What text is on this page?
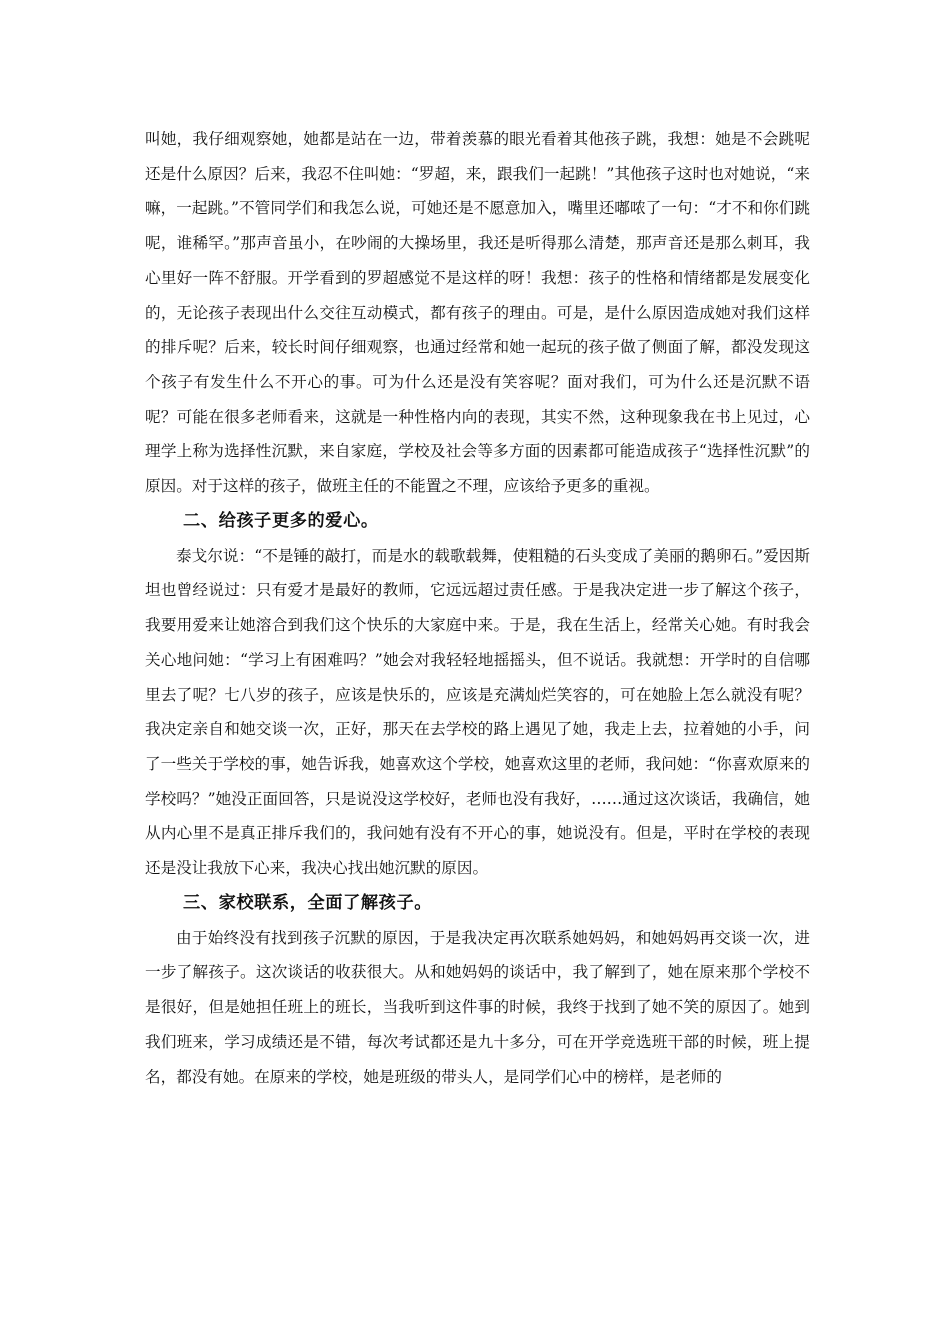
叫她，我仔细观察她，她都是站在一边，带着羡慕的眼光看着其他孩子跳，我想：她是不会跳呢还是什么原因？后来，我忍不住叫她：“罗超，来，跟我们一起跳！”其他孩子这时也对她说，“来嘛，一起跳。”不管同学们和我怎么说，可她还是不愿意加入，嘴里还嘟哝了一句：“才不和你们跳呢，谁稀罕。”那声音虽小，在吵闹的大操场里，我还是听得那么清楚，那声音还是那么刺耳，我心里好一阵不舒服。开学看到的罗超感觉不是这样的呀！我想：孩子的性格和情绪都是发展变化的，无论孩子表现出什么交往互动模式，都有孩子的理由。可是，是什么原因造成她对我们这样的排斥呢？后来，较长时间仔细观察，也通过经常和她一起玩的孩子做了侧面了解，都没发现这个孩子有发生什么不开心的事。可为什么还是没有笑容呢？面对我们，可为什么还是沉默不语呢？可能在很多老师看来，这就是一种性格内向的表现，其实不然，这种现象我在书上见过，心理学上称为选择性沉默，来自家庭，学校及社会等多方面的因素都可能造成孩子“选择性沉默”的原因。对于这样的孩子，做班主任的不能置之不理，应该给予更多的重视。

二、给孩子更多的爱心。

泰戈尔说：“不是锤的敲打，而是水的载歌载舞，使粗糙的石头变成了美丽的鹅卵石。”爱因斯坦也曾经说过：只有爱才是最好的教师，它远远超过责任感。于是我决定进一步了解这个孩子，我要用爱来让她溶合到我们这个快乐的大家庭中来。于是，我在生活上，经常关心她。有时我会关心地问她：“学习上有困难吗？”她会对我轻轻地摇摇头，但不说话。我就想：开学时的自信哪里去了呢？七八岁的孩子，应该是快乐的，应该是充满灿烂笑容的，可在她脸上怎么就没有呢？我决定亲自和她交谈一次，正好，那天在去学校的路上遇见了她，我走上去，拉着她的小手，问了一些关于学校的事，她告诉我，她喜欢这个学校，她喜欢这里的老师，我问她：“你喜欢原来的学校吗？”她没正面回答，只是说没这学校好，老师也没有我好，……通过这次谈话，我确信，她从内心里不是真正排斥我们的，我问她有没有不开心的事，她说没有。但是，平时在学校的表现还是没让我放下心来，我决心找出她沉默的原因。

三、家校联系，全面了解孩子。

由于始终没有找到孩子沉默的原因，于是我决定再次联系她妈妈，和她妈妈再交谈一次，进一步了解孩子。这次谈话的收获很大。从和她妈妈的谈话中，我了解到了，她在原来那个学校不是很好，但是她担任班上的班长，当我听到这件事的时候，我终于找到了她不笑的原因了。她到我们班来，学习成绩还是不错，每次考试都还是九十多分，可在开学竞选班干部的时候，班上提名，都没有她。在原来的学校，她是班级的带头人，是同学们心中的榜样，是老师的
